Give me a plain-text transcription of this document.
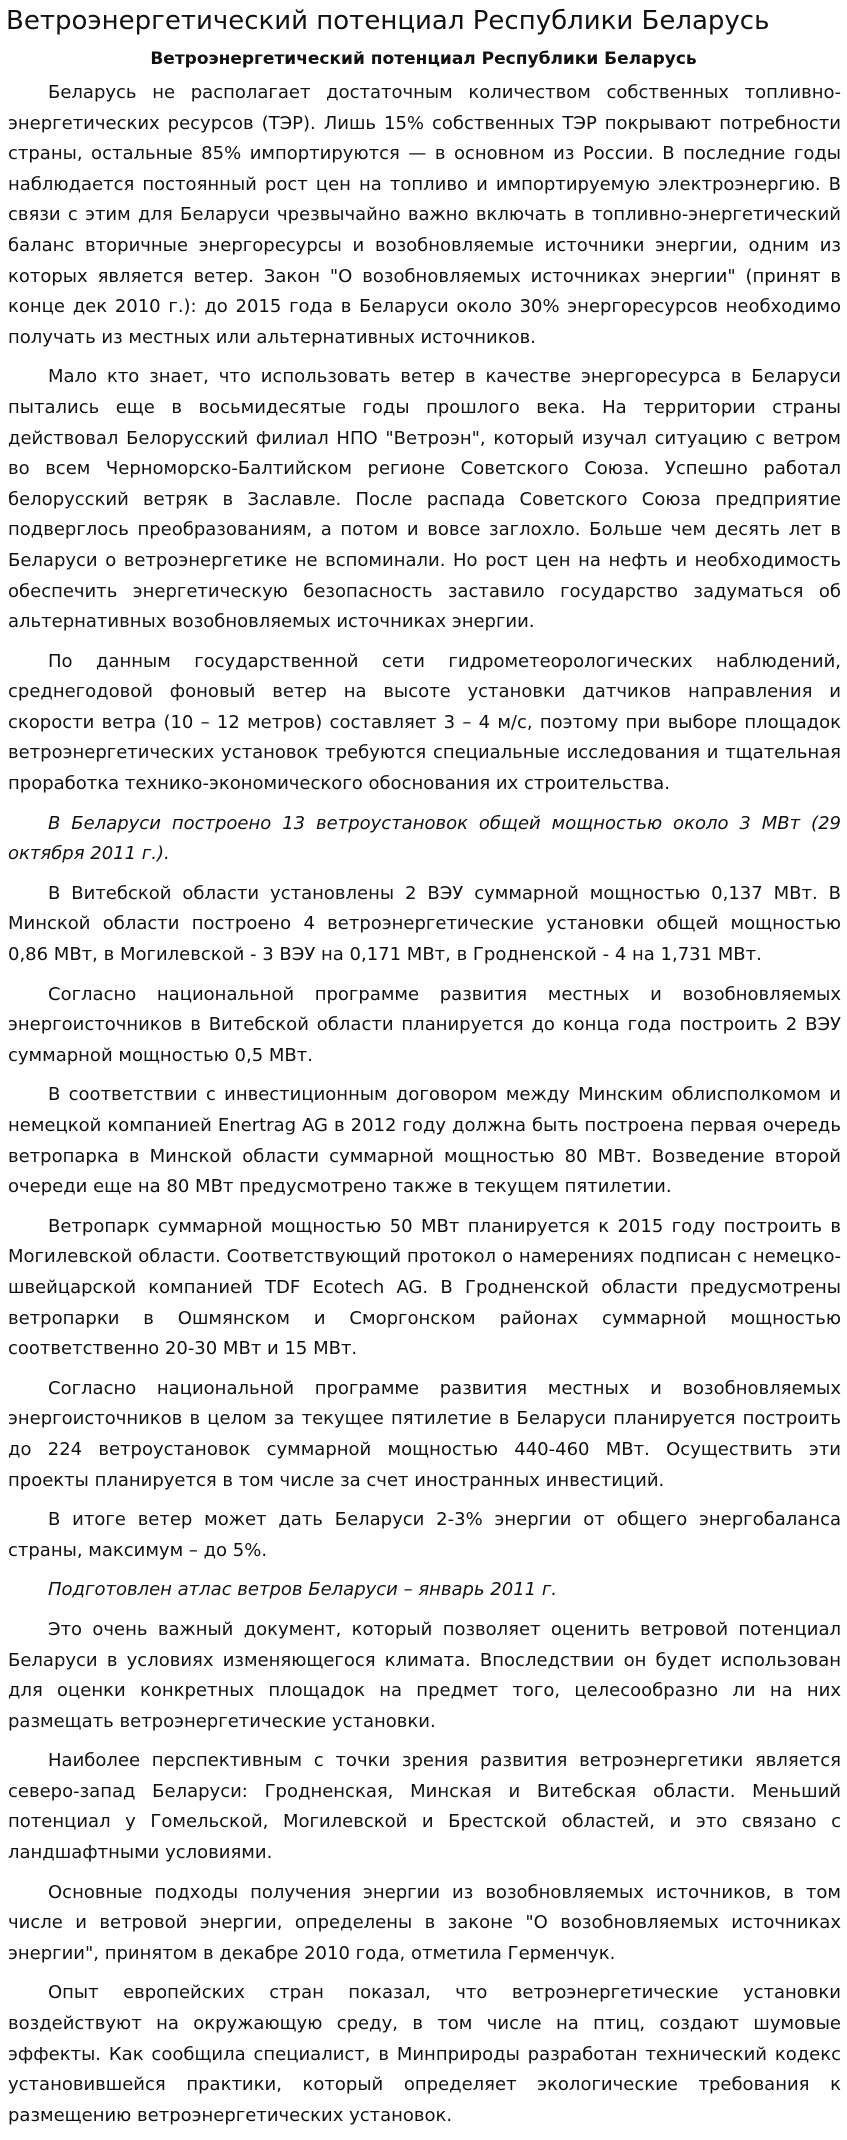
Ветроэнергетический потенциал Республики Беларусь
Ветроэнергетический потенциал Республики Беларусь

Беларусь не располагает достаточным количеством собственных топливно-энергетических ресурсов (ТЭР). Лишь 15% собственных ТЭР покрывают потребности страны, остальные 85% импортируются — в основном из России. В последние годы наблюдается постоянный рост цен на топливо и импортируемую электроэнергию. В связи с этим для Беларуси чрезвычайно важно включать в топливно-энергетический баланс вторичные энергоресурсы и возобновляемые источники энергии, одним из которых является ветер. Закон "О возобновляемых источниках энергии" (принят в конце дек 2010 г.): до 2015 года в Беларуси около 30% энергоресурсов необходимо получать из местных или альтернативных источников.

Мало кто знает, что использовать ветер в качестве энергоресурса в Беларуси пытались еще в восьмидесятые годы прошлого века. На территории страны действовал Белорусский филиал НПО "Ветроэн", который изучал ситуацию с ветром во всем Черноморско-Балтийском регионе Советского Союза. Успешно работал белорусский ветряк в Заславле. После распада Советского Союза предприятие подверглось преобразованиям, а потом и вовсе заглохло. Больше чем десять лет в Беларуси о ветроэнергетике не вспоминали. Но рост цен на нефть и необходимость обеспечить энергетическую безопасность заставило государство задуматься об альтернативных возобновляемых источниках энергии.

По данным государственной сети гидрометеорологических наблюдений, среднегодовой фоновый ветер на высоте установки датчиков направления и скорости ветра (10 – 12 метров) составляет 3 – 4 м/с, поэтому при выборе площадок ветроэнергетических установок требуются специальные исследования и тщательная проработка технико-экономического обоснования их строительства.

В Беларуси построено 13 ветроустановок общей мощностью около 3 МВт (29 октября 2011 г.).

В Витебской области установлены 2 ВЭУ суммарной мощностью 0,137 МВт. В Минской области построено 4 ветроэнергетические установки общей мощностью 0,86 МВт, в Могилевской - 3 ВЭУ на 0,171 МВт, в Гродненской - 4 на 1,731 МВт.

Согласно национальной программе развития местных и возобновляемых энергоисточников в Витебской области планируется до конца года построить 2 ВЭУ суммарной мощностью 0,5 МВт.

В соответствии с инвестиционным договором между Минским облисполкомом и немецкой компанией Enertrag AG в 2012 году должна быть построена первая очередь ветропарка в Минской области суммарной мощностью 80 МВт. Возведение второй очереди еще на 80 МВт предусмотрено также в текущем пятилетии.

Ветропарк суммарной мощностью 50 МВт планируется к 2015 году построить в Могилевской области. Соответствующий протокол о намерениях подписан с немецко-швейцарской компанией TDF Ecotech AG. В Гродненской области предусмотрены ветропарки в Ошмянском и Сморгонском районах суммарной мощностью соответственно 20-30 МВт и 15 МВт.

Согласно национальной программе развития местных и возобновляемых энергоисточников в целом за текущее пятилетие в Беларуси планируется построить до 224 ветроустановок суммарной мощностью 440-460 МВт. Осуществить эти проекты планируется в том числе за счет иностранных инвестиций.

В итоге ветер может дать Беларуси 2-3% энергии от общего энергобаланса страны, максимум – до 5%.

Подготовлен атлас ветров Беларуси – январь 2011 г.

Это очень важный документ, который позволяет оценить ветровой потенциал Беларуси в условиях изменяющегося климата. Впоследствии он будет использован для оценки конкретных площадок на предмет того, целесообразно ли на них размещать ветроэнергетические установки.

Наиболее перспективным с точки зрения развития ветроэнергетики является северо-запад Беларуси: Гродненская, Минская и Витебская области. Меньший потенциал у Гомельской, Могилевской и Брестской областей, и это связано с ландшафтными условиями.

Основные подходы получения энергии из возобновляемых источников, в том числе и ветровой энергии, определены в законе "О возобновляемых источниках энергии", принятом в декабре 2010 года, отметила Герменчук.

Опыт европейских стран показал, что ветроэнергетические установки воздействуют на окружающую среду, в том числе на птиц, создают шумовые эффекты. Как сообщила специалист, в Минприроды разработан технический кодекс установившейся практики, который определяет экологические требования к размещению ветроэнергетических установок.
